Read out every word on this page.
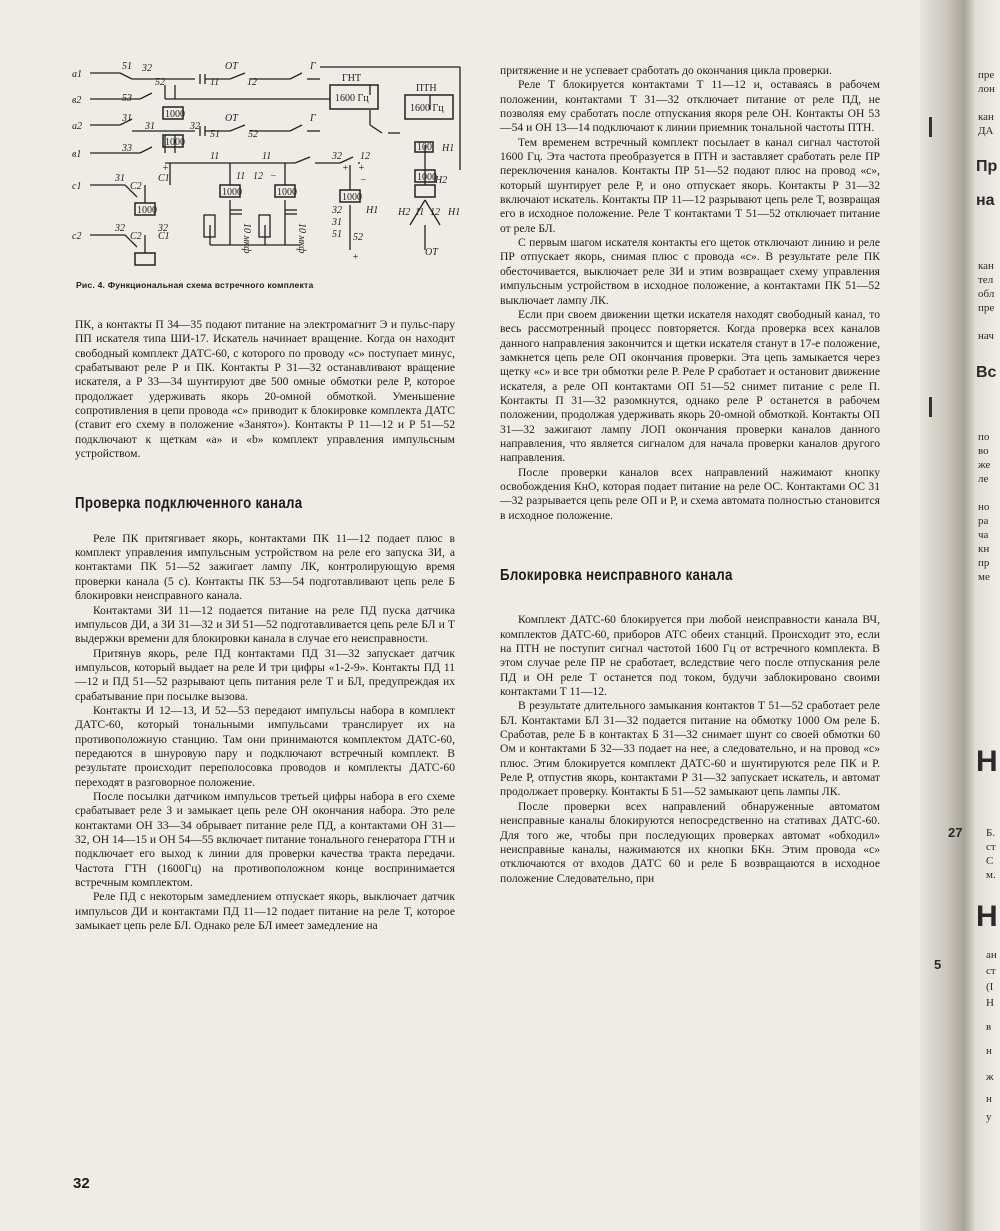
ГНТ
1600 Гц
ПТН
1600 Гц
1000
1000
1000	1000	1000
100
1000
1000
a1
в2
a2
в1
c1
c2
51 32
52
ОТ
11	12
Г
53
31
31	32
51
ОТ
52
Г
33
11
Н1
11	32 12
С2
31	С1
С2
32
С1
32
11 12
31
32 Н1
51 52
Н2
11
Н2 12 Н1
ОТ
10 мкф	10 мкф
+
−
+ +
−
+
Рис. 4. Функциональная схема встречного комплекта

ПК, а контакты П 34—35 подают питание на электромагнит Э и пульс-пару ПП искателя типа ШИ-17. Искатель начинает вращение. Когда он находит свободный комплект ДАТС-60, с которого по проводу «с» поступает минус, срабатывают реле Р и ПК. Контакты Р 31—32 останавливают вращение искателя, а Р 33—34 шунтируют две 500 омные обмотки реле Р, которое продолжает удерживать якорь 20-омной обмоткой. Уменьшение сопротивления в цепи провода «с» приводит к блокировке комплекта ДАТС (ставит его схему в положение «Занято»). Контакты Р 11—12 и Р 51—52 подключают к щеткам «а» и «b» комплект управления импульсным устройством.

Проверка подключенного канала

Реле ПК притягивает якорь, контактами ПК 11—12 подает плюс в комплект управления импульсным устройством на реле его запуска ЗИ, а контактами ПК 51—52 зажигает лампу ЛК, контролирующую время проверки канала (5 с). Контакты ПК 53—54 подготавливают цепь реле Б блокировки неисправного канала.

Контактами ЗИ 11—12 подается питание на реле ПД пуска датчика импульсов ДИ, а ЗИ 31—32 и ЗИ 51—52 подготавливается цепь реле БЛ и Т выдержки времени для блокировки канала в случае его неисправности.

Притянув якорь, реле ПД контактами ПД 31—32 запускает датчик импульсов, который выдает на реле И три цифры «1-2-9». Контакты ПД 11—12 и ПД 51—52 разрывают цепь питания реле Т и БЛ, предупреждая их срабатывание при посылке вызова.

Контакты И 12—13, И 52—53 передают импульсы набора в комплект ДАТС-60, который тональными импульсами транслирует их на противоположную станцию. Там они принимаются комплектом ДАТС-60, передаются в шнуровую пару и подключают встречный комплект. В результате происходит переполосовка проводов и комплекты ДАТС-60 переходят в разговорное положение.

После посылки датчиком импульсов третьей цифры набора в его схеме срабатывает реле З и замыкает цепь реле ОН окончания набора. Это реле контактами ОН 33—34 обрывает питание реле ПД, а контактами ОН 31—32, ОН 14—15 и ОН 54—55 включает питание тонального генератора ГТН и подключает его выход к линии для проверки качества тракта передачи. Частота ГТН (1600Гц) на противоположном конце воспринимается встречным комплектом.

Реле ПД с некоторым замедлением отпускает якорь, выключает датчик импульсов ДИ и контактами ПД 11—12 подает питание на реле Т, которое замыкает цепь реле БЛ. Однако реле БЛ имеет замедление на

32

притяжение и не успевает сработать до окончания цикла проверки.

Реле Т блокируется контактами Т 11—12 и, оставаясь в рабочем положении, контактами Т 31—32 отключает питание от реле ПД, не позволяя ему сработать после отпускания якоря реле ОН. Контакты ОН 53—54 и ОН 13—14 подключают к линии приемник тональной частоты ПТН.

Тем временем встречный комплект посылает в канал сигнал частотой 1600 Гц. Эта частота преобразуется в ПТН и заставляет сработать реле ПР переключения каналов. Контакты ПР 51—52 подают плюс на провод «с», который шунтирует реле Р, и оно отпускает якорь. Контакты Р 31—32 включают искатель. Контакты ПР 11—12 разрывают цепь реле Т, возвращая его в исходное положение. Реле Т контактами Т 51—52 отключает питание от реле БЛ.

С первым шагом искателя контакты его щеток отключают линию и реле ПР отпускает якорь, снимая плюс с провода «с». В результате реле ПК обесточивается, выключает реле ЗИ и этим возвращает схему управления импульсным устройством в исходное положение, а контактами ПК 51—52 выключает лампу ЛК.

Если при своем движении щетки искателя находят свободный канал, то весь рассмотренный процесс повторяется. Когда проверка всех каналов данного направления закончится и щетки искателя станут в 17-е положение, замкнется цепь реле ОП окончания проверки. Эта цепь замыкается через щетку «с» и все три обмотки реле Р. Реле Р сработает и остановит движение искателя, а реле ОП контактами ОП 51—52 снимет питание с реле П. Контакты П 31—32 разомкнутся, однако реле Р останется в рабочем положении, продолжая удерживать якорь 20-омной обмоткой. Контакты ОП 31—32 зажигают лампу ЛОП окончания проверки каналов данного направления, что является сигналом для начала проверки каналов другого направления.

После проверки каналов всех направлений нажимают кнопку освобождения КнО, которая подает питание на реле ОС. Контактами ОС 31—32 разрывается цепь реле ОП и Р, и схема автомата полностью становится в исходное положение.

Блокировка неисправного канала

Комплект ДАТС-60 блокируется при любой неисправности канала ВЧ, комплектов ДАТС-60, приборов АТС обеих станций. Происходит это, если на ПТН не поступит сигнал частотой 1600 Гц от встречного комплекта. В этом случае реле ПР не сработает, вследствие чего после отпускания реле ПД и ОН реле Т останется под током, будучи заблокировано своими контактами Т 11—12.

В результате длительного замыкания контактов Т 51—52 сработает реле БЛ. Контактами БЛ 31—32 подается питание на обмотку 1000 Ом реле Б. Сработав, реле Б в контактах Б 31—32 снимает шунт со своей обмотки 60 Ом и контактами Б 32—33 подает на нее, а следовательно, и на провод «с» плюс. Этим блокируется комплект ДАТС-60 и шунтируются реле ПК и Р. Реле Р, отпустив якорь, контактами Р 31—32 запускает искатель, и автомат продолжает проверку. Контакты Б 51—52 замыкают цепь лампы ЛК.

После проверки всех направлений обнаруженные автоматом неисправные каналы блокируются непосредственно на стативах ДАТС-60. Для того же, чтобы при последующих проверках автомат «обходил» неисправные каналы, нажимаются их кнопки БКн. Этим провода «с» отключаются от входов ДАТС 60 и реле Б возвращаются в исходное положение Следовательно, при

пре
лон
кан
ДА
Пр
на
кан
тел
обл
пре
нач
Вс
по
во
же
ле
но
ра
ча
кн
пр
ме
Н
27 Б.
ст
С
м.
Н
ан
5	ст
(I
Н
в
н
ж
н
у
